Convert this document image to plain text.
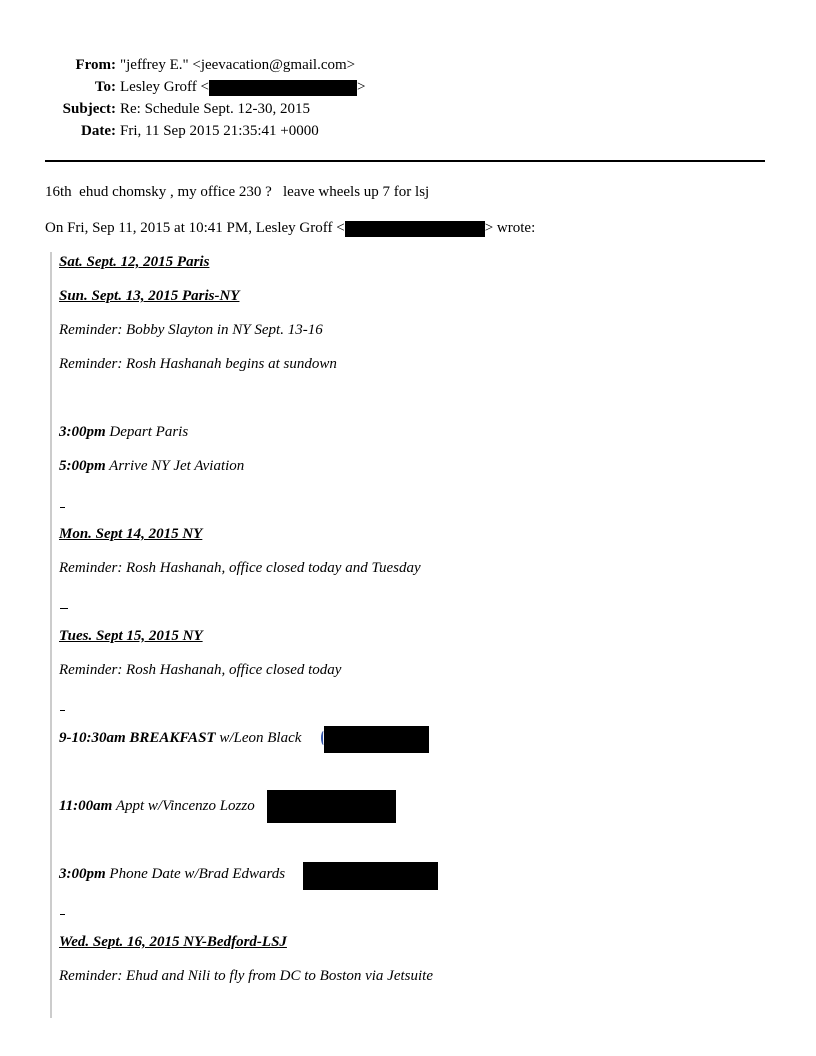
From: "jeffrey E." <jeevacation@gmail.com>
To: Lesley Groff <	>
Subject: Re: Schedule Sept. 12-30, 2015
Date: Fri, 11 Sep 2015 21:35:41 +0000
16th  ehud chomsky , my office 230 ?   leave wheels up 7 for lsj
On Fri, Sep 11, 2015 at 10:41 PM, Lesley Groff <	> wrote:
Sat. Sept. 12, 2015 Paris
Sun. Sept. 13, 2015 Paris-NY
Reminder: Bobby Slayton in NY Sept. 13-16
Reminder: Rosh Hashanah begins at sundown
3:00pm Depart Paris
5:00pm Arrive NY Jet Aviation
Mon. Sept 14, 2015 NY
Reminder: Rosh Hashanah, office closed today and Tuesday
Tues. Sept 15, 2015 NY
Reminder: Rosh Hashanah, office closed today
9-10:30am BREAKFAST w/Leon Black
11:00am Appt w/Vincenzo Lozzo
3:00pm Phone Date w/Brad Edwards
Wed. Sept. 16, 2015 NY-Bedford-LSJ
Reminder: Ehud and Nili to fly from DC to Boston via Jetsuite
